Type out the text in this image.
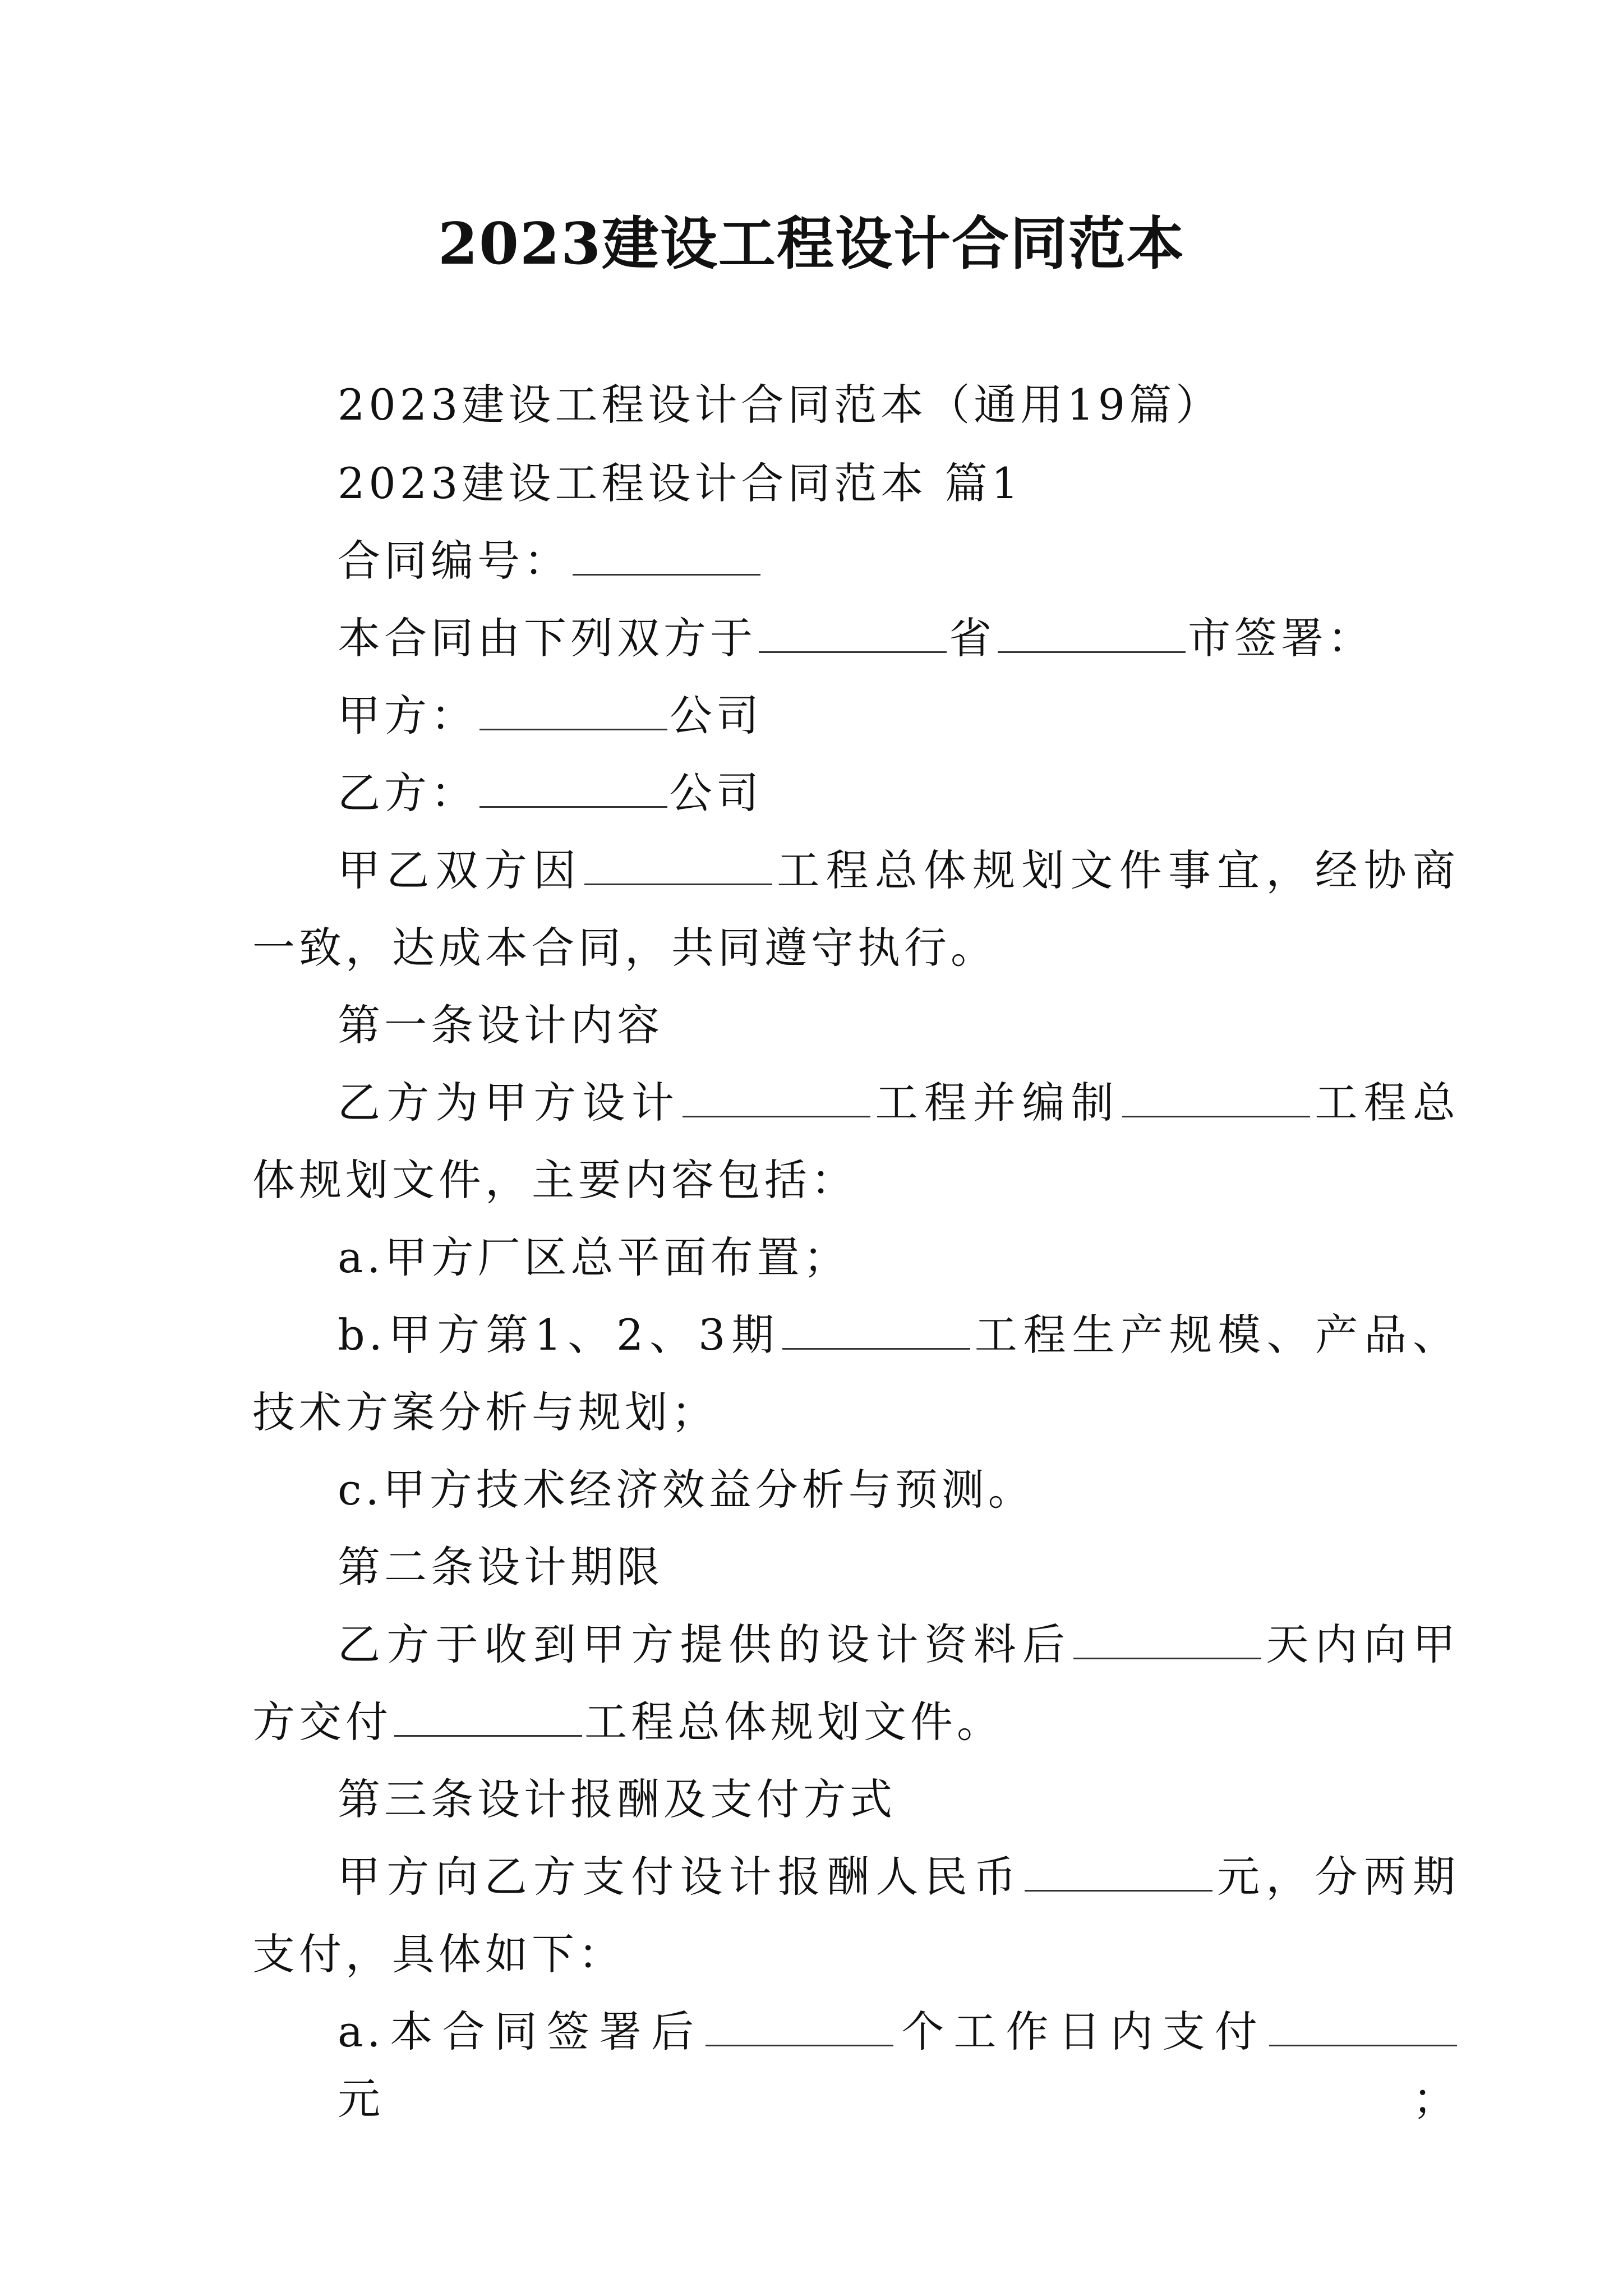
2023建设工程设计合同范本
2023建设工程设计合同范本（通用19篇）
2023建设工程设计合同范本 篇1
合同编号：
本合同由下列双方于	省	市签署：
甲方：	公司
乙方：	公司
甲乙双方因	工程总体规划文件事宜，经协商
一致，达成本合同，共同遵守执行。
第一条设计内容
乙方为甲方设计	工程并编制	工程总
体规划文件，主要内容包括：
a.甲方厂区总平面布置；
b.甲方第1、2、3期	工程生产规模、产品、
技术方案分析与规划；
c.甲方技术经济效益分析与预测。
第二条设计期限
乙方于收到甲方提供的设计资料后	天内向甲
方交付	工程总体规划文件。
第三条设计报酬及支付方式
甲方向乙方支付设计报酬人民币	元，分两期
支付，具体如下：
a.本合同签署后	个工作日内支付元；
